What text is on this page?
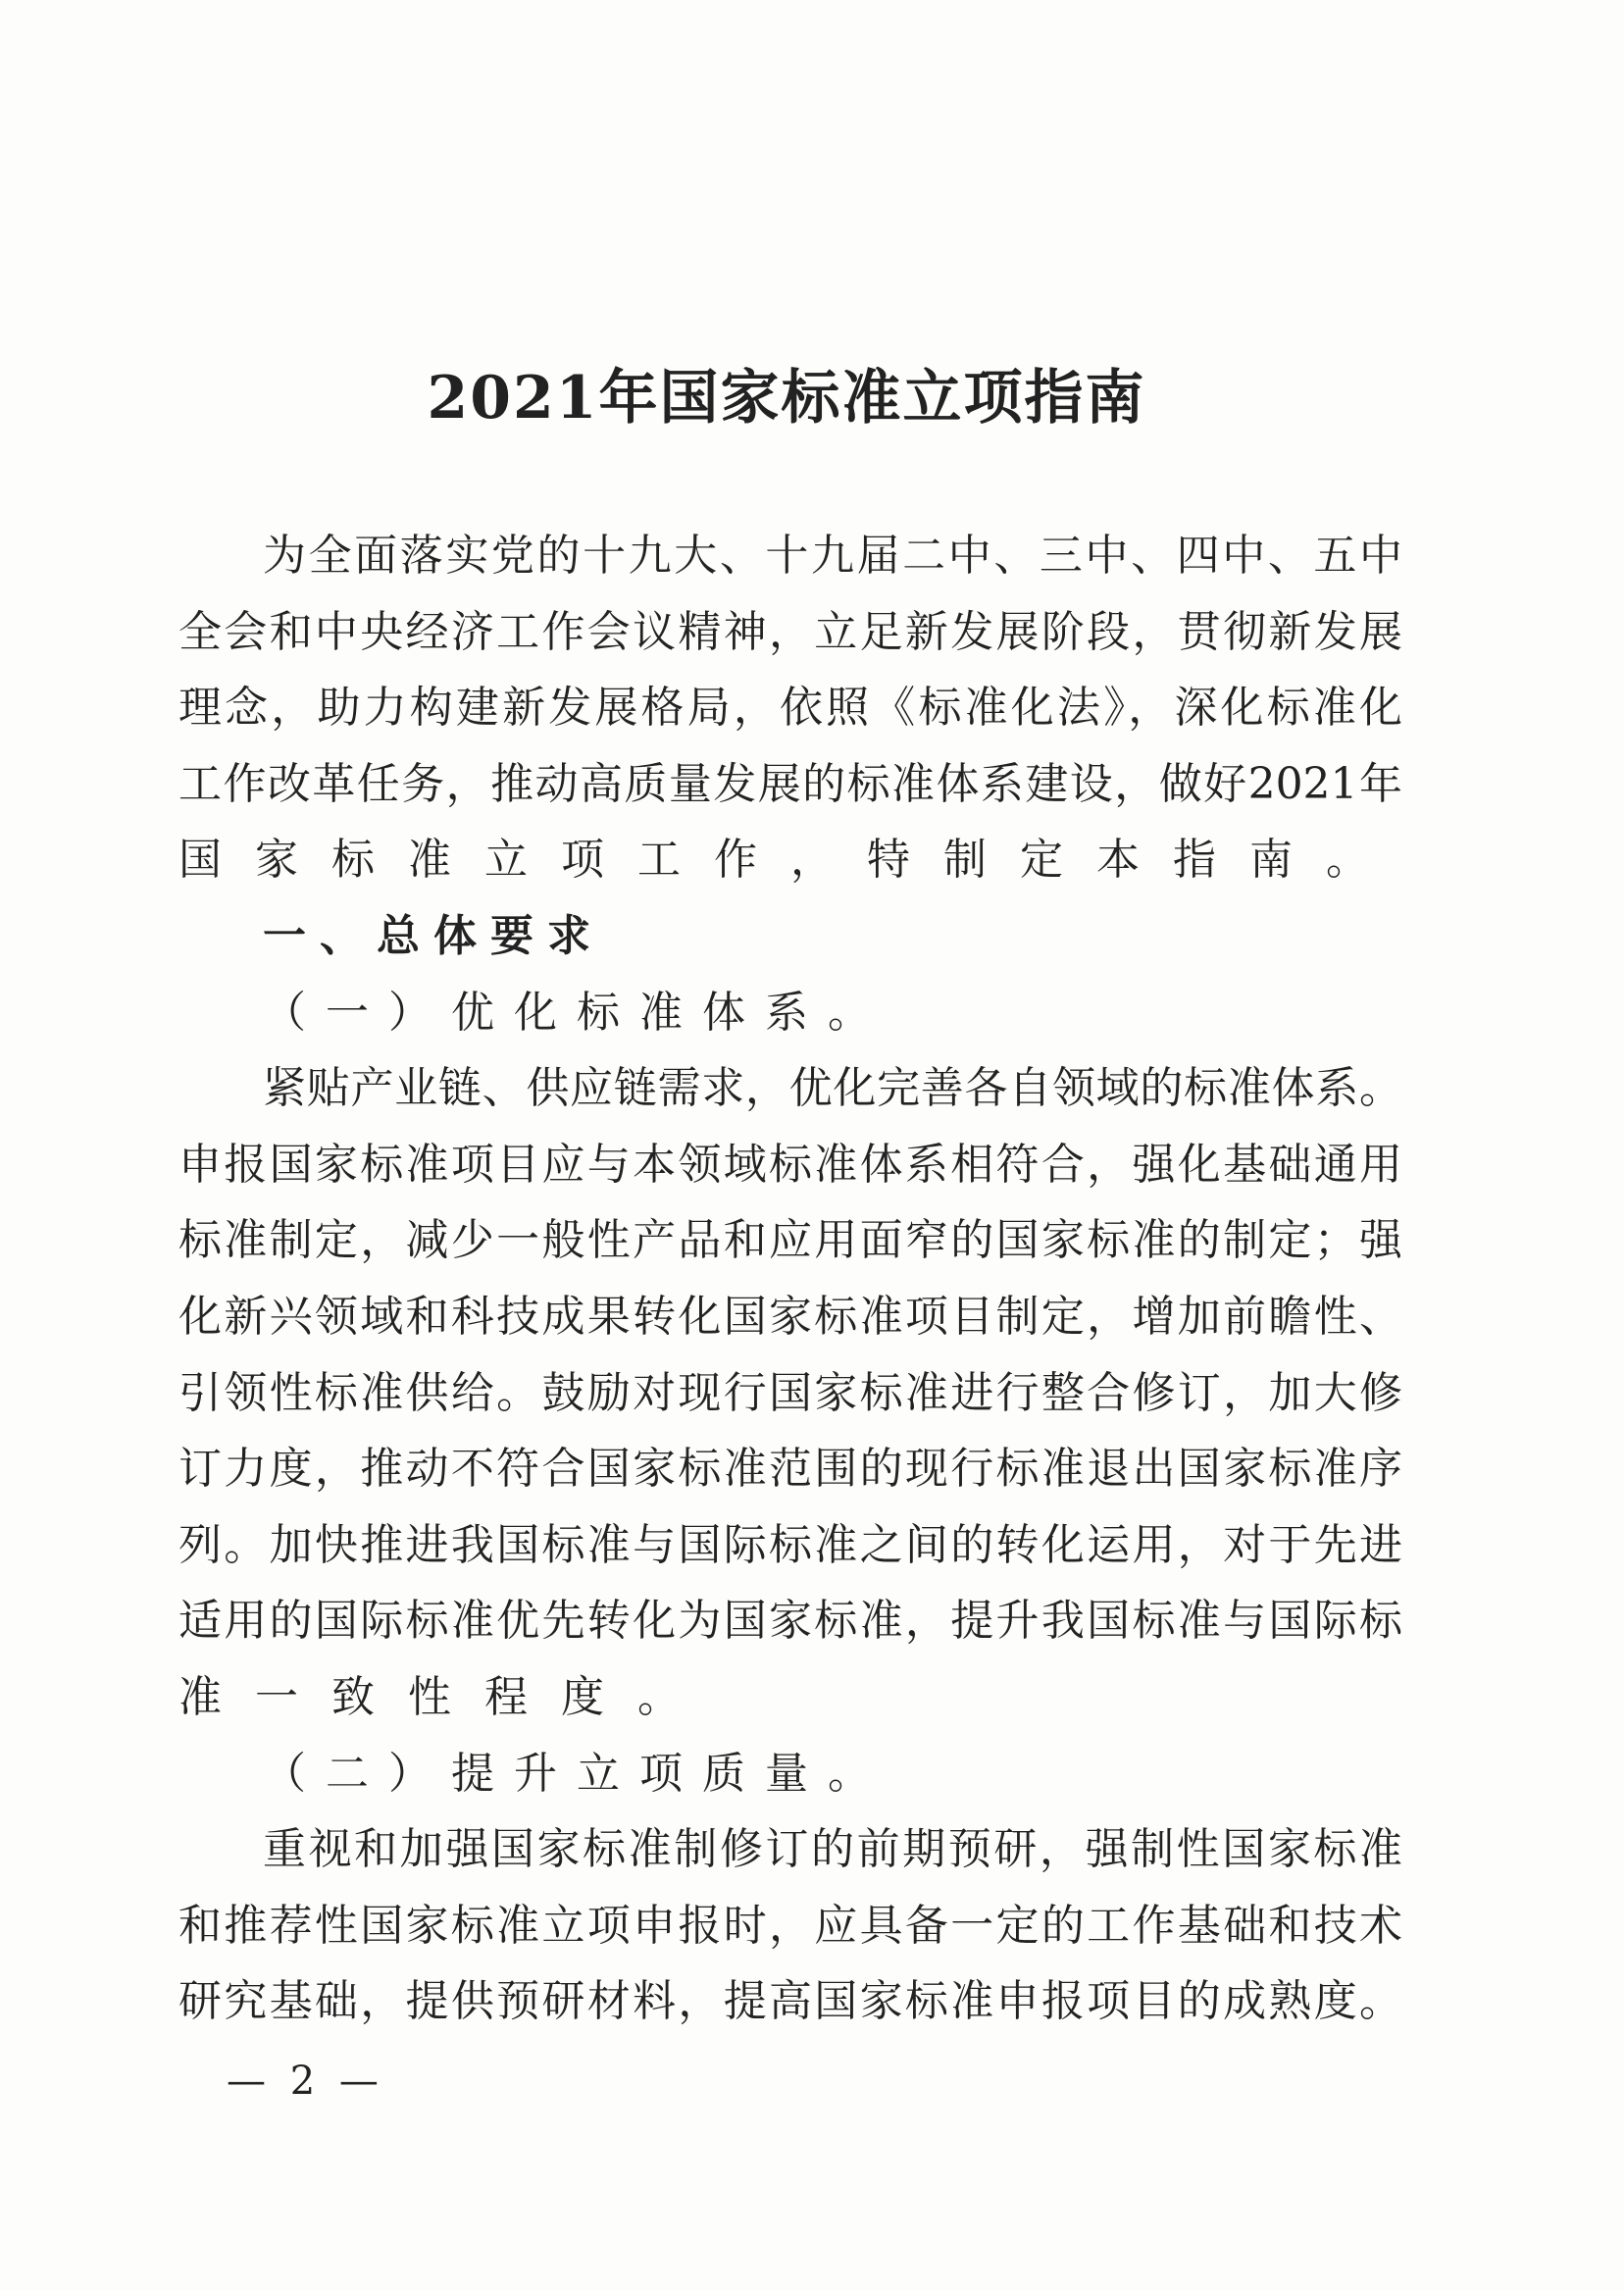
2021年国家标准立项指南
为全面落实党的十九大、十九届二中、三中、四中、五中
全会和中央经济工作会议精神，立足新发展阶段，贯彻新发展
理念，助力构建新发展格局，依照《标准化法》，深化标准化
工作改革任务，推动高质量发展的标准体系建设，做好2021年
国家标准立项工作，特制定本指南。
一、总体要求
（一）优化标准体系。
紧贴产业链、供应链需求，优化完善各自领域的标准体系。
申报国家标准项目应与本领域标准体系相符合，强化基础通用
标准制定，减少一般性产品和应用面窄的国家标准的制定；强
化新兴领域和科技成果转化国家标准项目制定，增加前瞻性、
引领性标准供给。鼓励对现行国家标准进行整合修订，加大修
订力度，推动不符合国家标准范围的现行标准退出国家标准序
列。加快推进我国标准与国际标准之间的转化运用，对于先进
适用的国际标准优先转化为国家标准，提升我国标准与国际标
准一致性程度。
（二）提升立项质量。
重视和加强国家标准制修订的前期预研，强制性国家标准
和推荐性国家标准立项申报时，应具备一定的工作基础和技术
研究基础，提供预研材料，提高国家标准申报项目的成熟度。
— 2 —
